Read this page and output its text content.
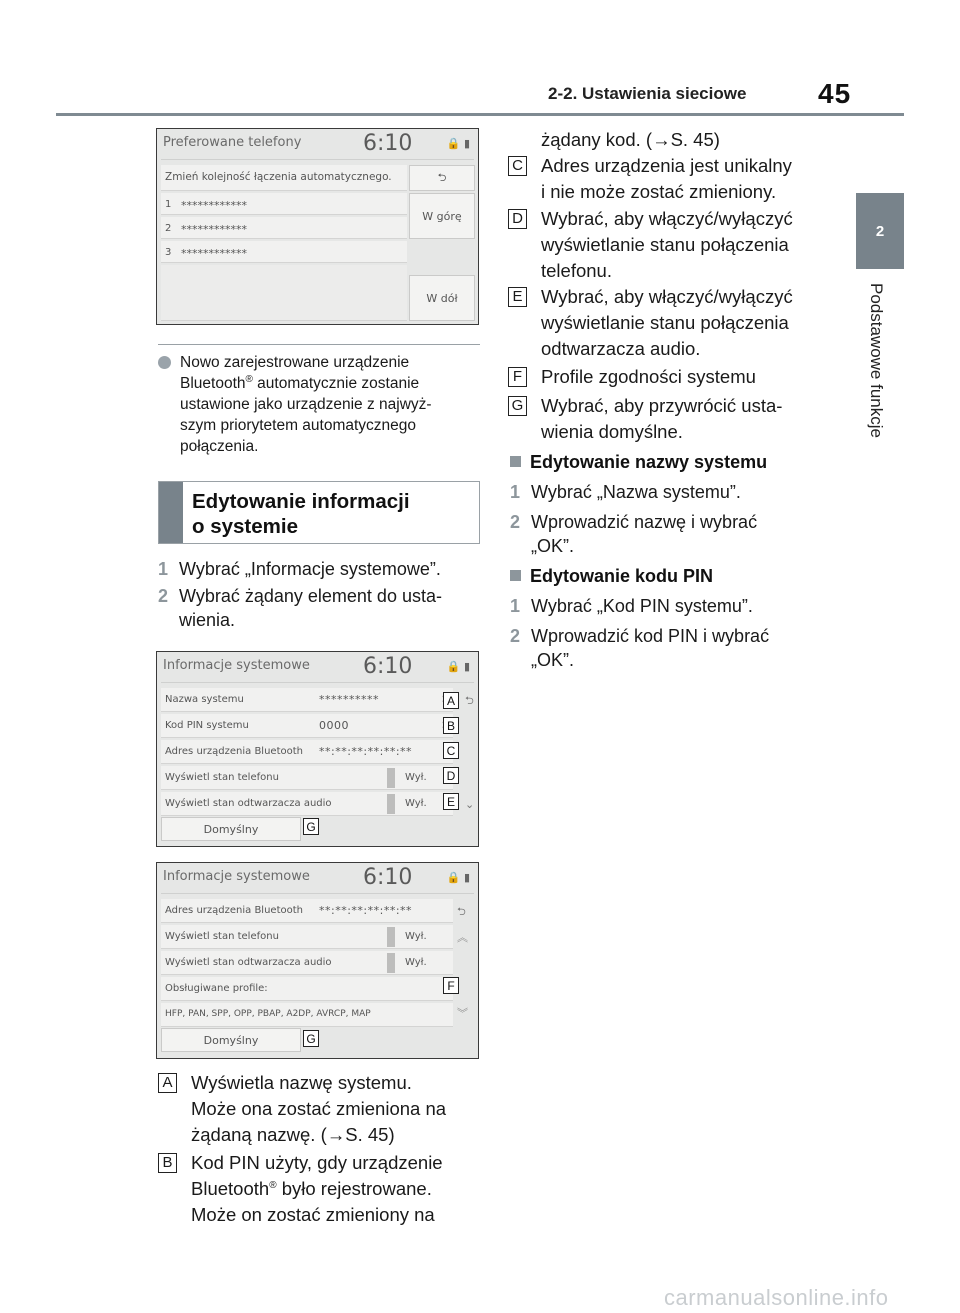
2-2. Ustawienia sieciowe	45
2
Podstawowe funkcje
Preferowane telefony	6:10	🔒 ▮
Zmień kolejność łączenia automatycznego.	⮌
1 ************
2 ************
3 ************
W górę
W dół
Nowo zarejestrowane urządzenie
Bluetooth® automatycznie zostanie
ustawione jako urządzenie z najwyż-
szym priorytetem automatycznego
połączenia.
Edytowanie informacji
o systemie
1 Wybrać „Informacje systemowe”.
2 Wybrać żądany element do usta-
wienia.
Informacje systemowe 6:10	🔒 ▮
Nazwa systemu	**********
Kod PIN systemu	0000
Adres urządzenia Bluetooth **:**:**:**:**:**
Wyświetl stan telefonu	Wył.
Wyświetl stan odtwarzacza audio	Wył.
Domyślny
⮌
⌄
A
B
C
D
E
G
Informacje systemowe 6:10	🔒 ▮
Adres urządzenia Bluetooth **:**:**:**:**:**
Wyświetl stan telefonu	Wył.
Wyświetl stan odtwarzacza audio	Wył.
Obsługiwane profile:
HFP, PAN, SPP, OPP, PBAP, A2DP, AVRCP, MAP
Domyślny
⮌
︽
︾
F
G
A Wyświetla nazwę systemu.
Może ona zostać zmieniona na
żądaną nazwę. (→S. 45)
B Kod PIN użyty, gdy urządzenie
Bluetooth® było rejestrowane.
Może on zostać zmieniony na
żądany kod. (→S. 45)
C Adres urządzenia jest unikalny
i nie może zostać zmieniony.
D Wybrać, aby włączyć/wyłączyć
wyświetlanie stanu połączenia
telefonu.
E Wybrać, aby włączyć/wyłączyć
wyświetlanie stanu połączenia
odtwarzacza audio.
F Profile zgodności systemu
G Wybrać, aby przywrócić usta-
wienia domyślne.
Edytowanie nazwy systemu
1 Wybrać „Nazwa systemu”.
2 Wprowadzić nazwę i wybrać
„OK”.
Edytowanie kodu PIN
1 Wybrać „Kod PIN systemu”.
2 Wprowadzić kod PIN i wybrać
„OK”.
carmanualsonline.info
